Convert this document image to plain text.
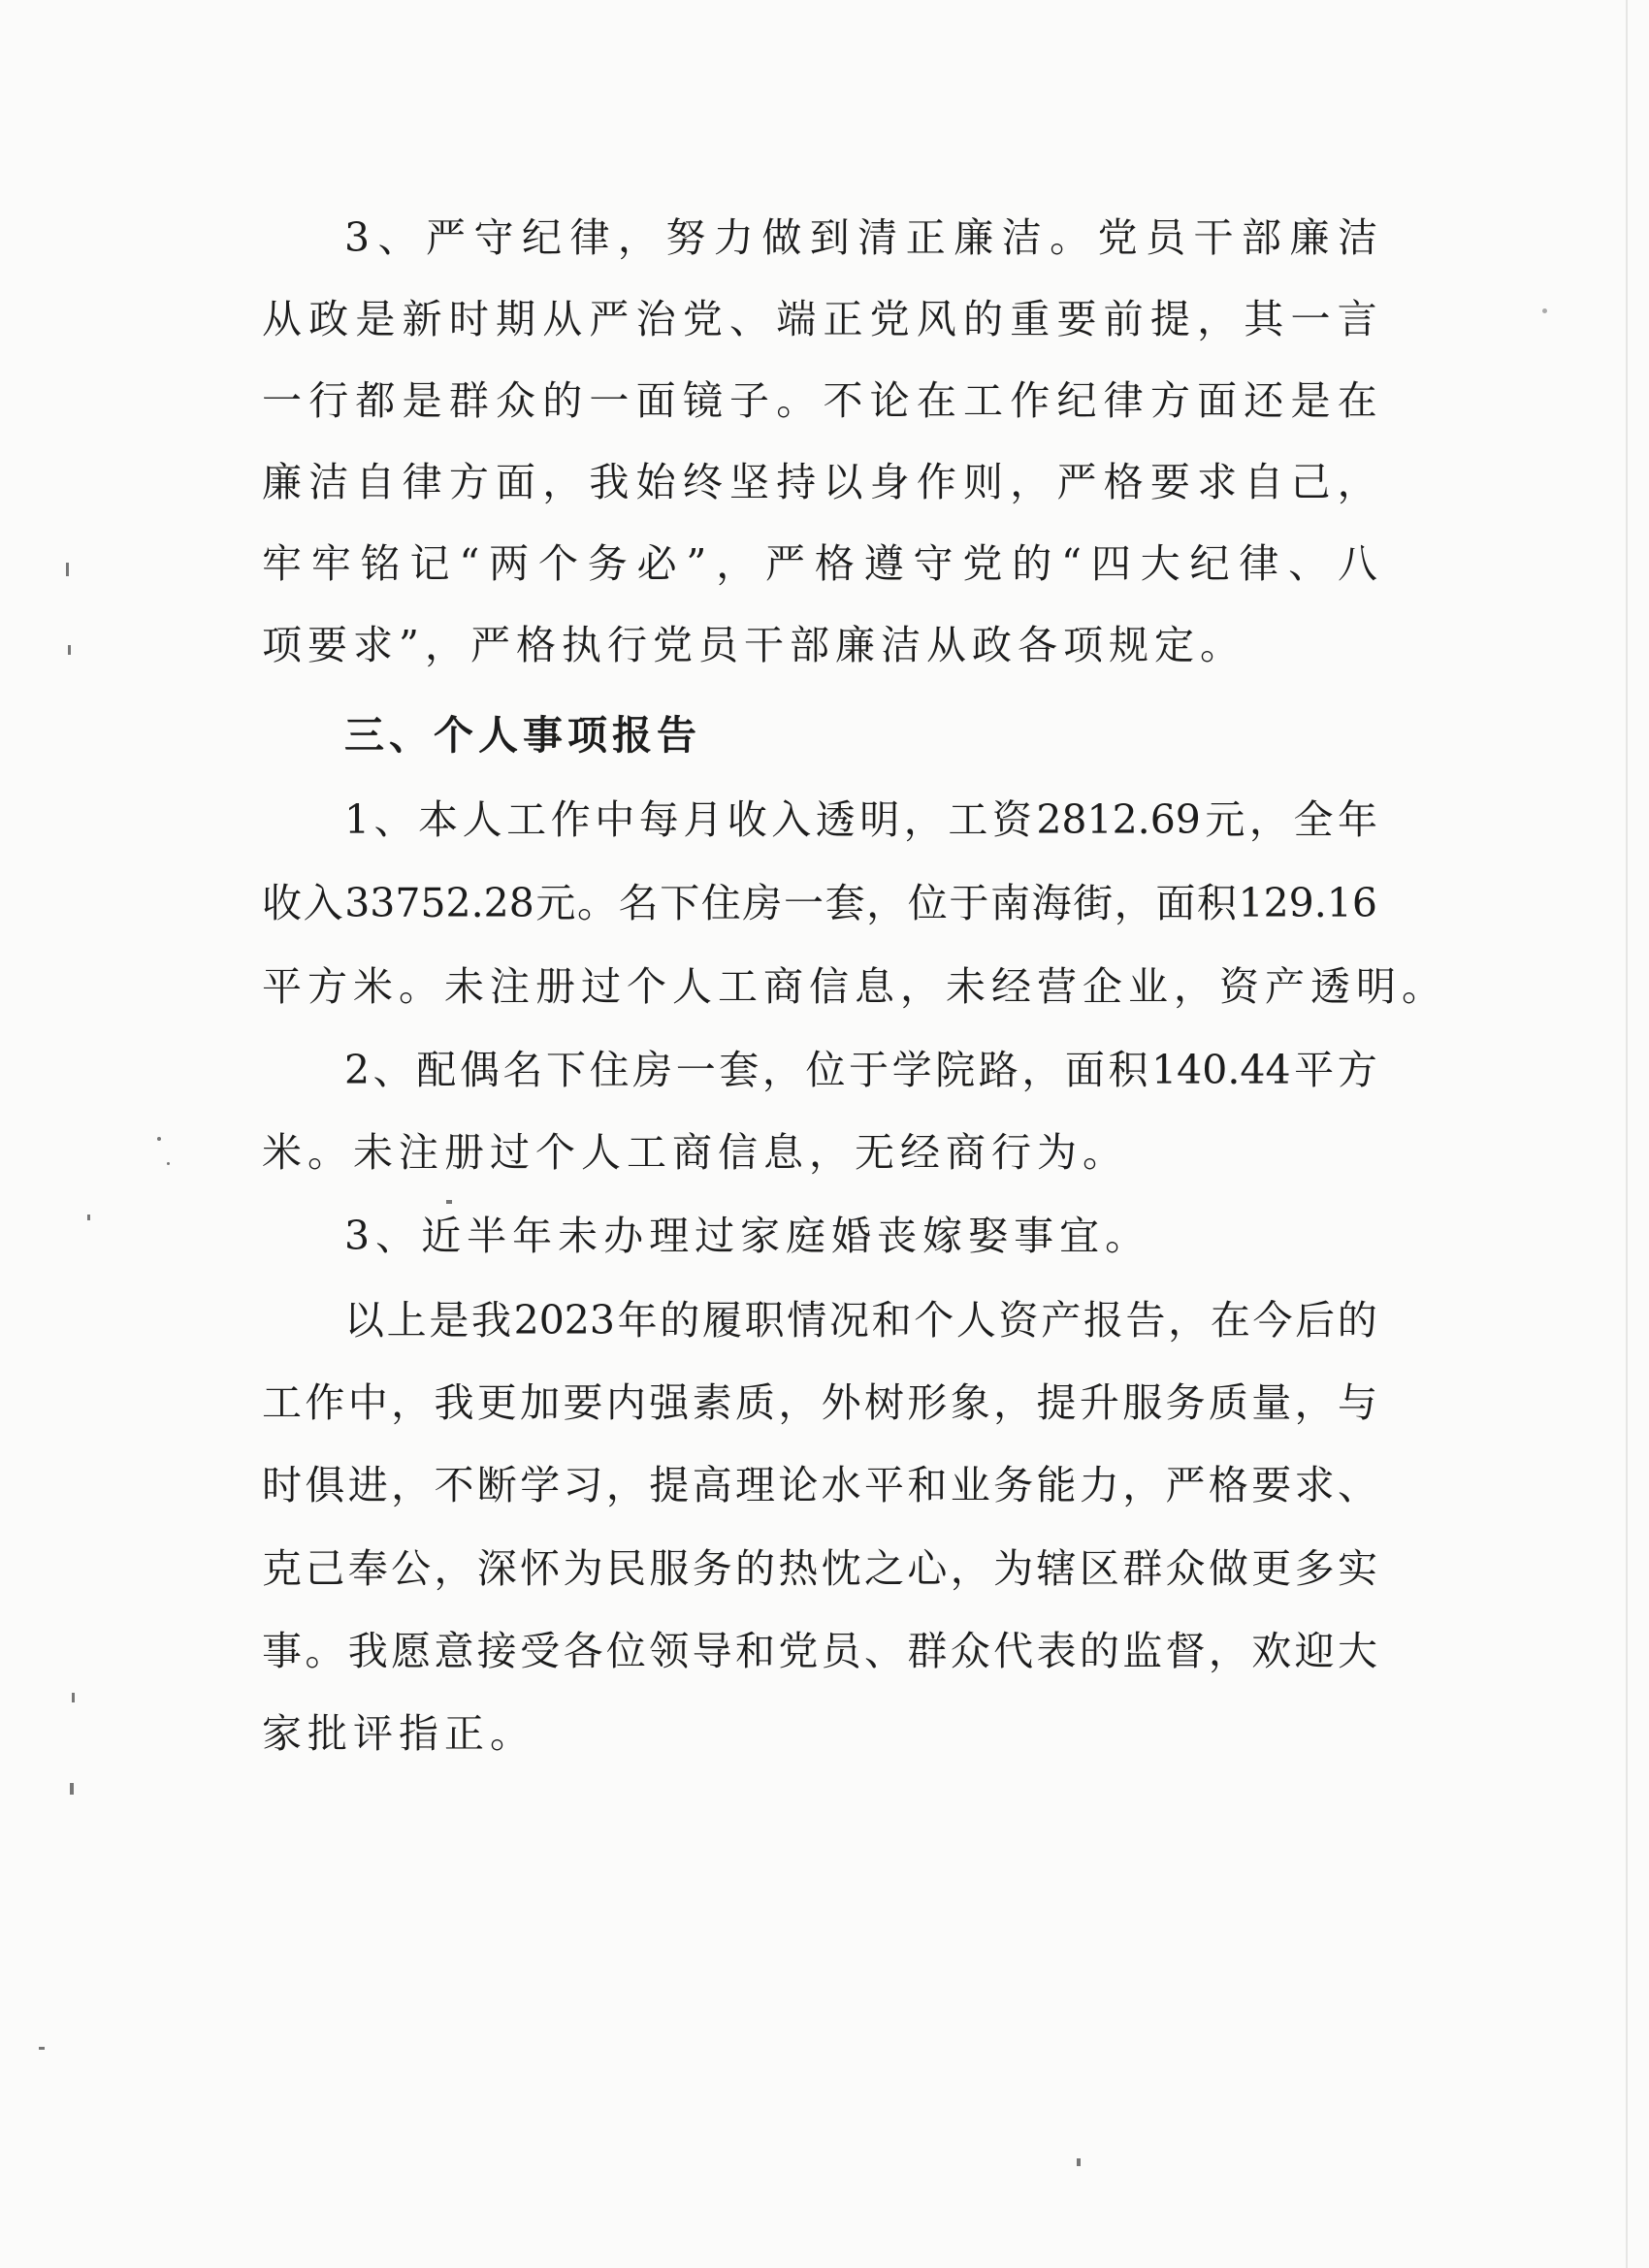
3 、 严 守 纪 律 ， 努 力 做 到 清 正 廉 洁 。 党 员 干 部 廉 洁
从 政 是 新 时 期 从 严 治 党 、 端 正 党 风 的 重 要 前 提 ， 其 一 言
一 行 都 是 群 众 的 一 面 镜 子 。 不 论 在 工 作 纪 律 方 面 还 是 在
廉 洁 自 律 方 面 ， 我 始 终 坚 持 以 身 作 则 ， 严 格 要 求 自 己 ，
牢 牢 铭 记 “ 两 个 务 必 ” ， 严 格 遵 守 党 的 “ 四 大 纪 律 、 八
项要求”，严格执行党员干部廉洁从政各项规定。
三、个人事项报告
1 、 本 人 工 作 中 每 月 收 入 透 明 ， 工 资 2812.69 元 ， 全 年
收 入 33752.28 元 。 名 下 住 房 一 套 ， 位 于 南 海 街 ， 面 积 129.16
平方米。未注册过个人工商信息，未经营企业，资产透明。
2 、 配 偶 名 下 住 房 一 套 ， 位 于 学 院 路 ， 面 积 140.44 平 方
米。未注册过个人工商信息，无经商行为。
3、近半年未办理过家庭婚丧嫁娶事宜。
以 上 是 我 2023 年 的 履 职 情 况 和 个 人 资 产 报 告 ， 在 今 后 的
工 作 中 ， 我 更 加 要 内 强 素 质 ， 外 树 形 象 ， 提 升 服 务 质 量 ， 与
时 俱 进 ， 不 断 学 习 ， 提 高 理 论 水 平 和 业 务 能 力 ， 严 格 要 求 、
克 己 奉 公 ， 深 怀 为 民 服 务 的 热 忱 之 心 ， 为 辖 区 群 众 做 更 多 实
事 。 我 愿 意 接 受 各 位 领 导 和 党 员 、 群 众 代 表 的 监 督 ， 欢 迎 大
家批评指正。
